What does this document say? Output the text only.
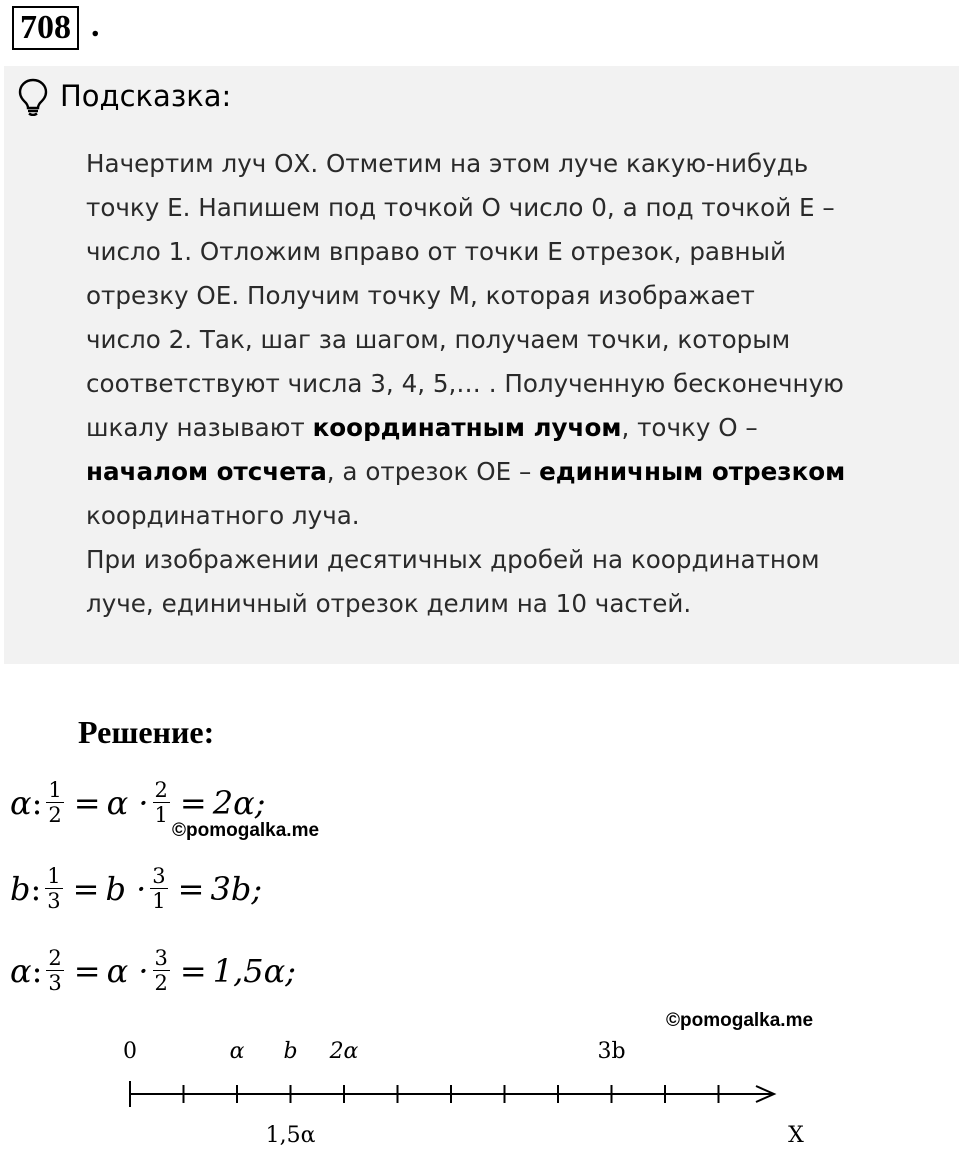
708 .
Подсказка:
Начертим луч ОХ. Отметим на этом луче какую-нибудь
точку Е. Напишем под точкой О число 0, а под точкой Е –
число 1. Отложим вправо от точки Е отрезок, равный
отрезку ОЕ. Получим точку М, которая изображает
число 2. Так, шаг за шагом, получаем точки, которым
соответствуют числа 3, 4, 5,… . Полученную бесконечную
шкалу называют координатным лучом, точку О –
началом отсчета, а отрезок ОЕ – единичным отрезком
координатного луча.
При изображении десятичных дробей на координатном
луче, единичный отрезок делим на 10 частей.
Решение:
α : $\frac{1}{2} = \alpha \cdot \frac{2}{1} = 2\alpha$;
©pomogalka.me
b : $\frac{1}{3} = b \cdot \frac{3}{1} = 3b$;
α : $\frac{2}{3} = \alpha \cdot \frac{3}{2} = 1,5\alpha$;
©pomogalka.me
0	α b 2α	3b
1,5α	X
